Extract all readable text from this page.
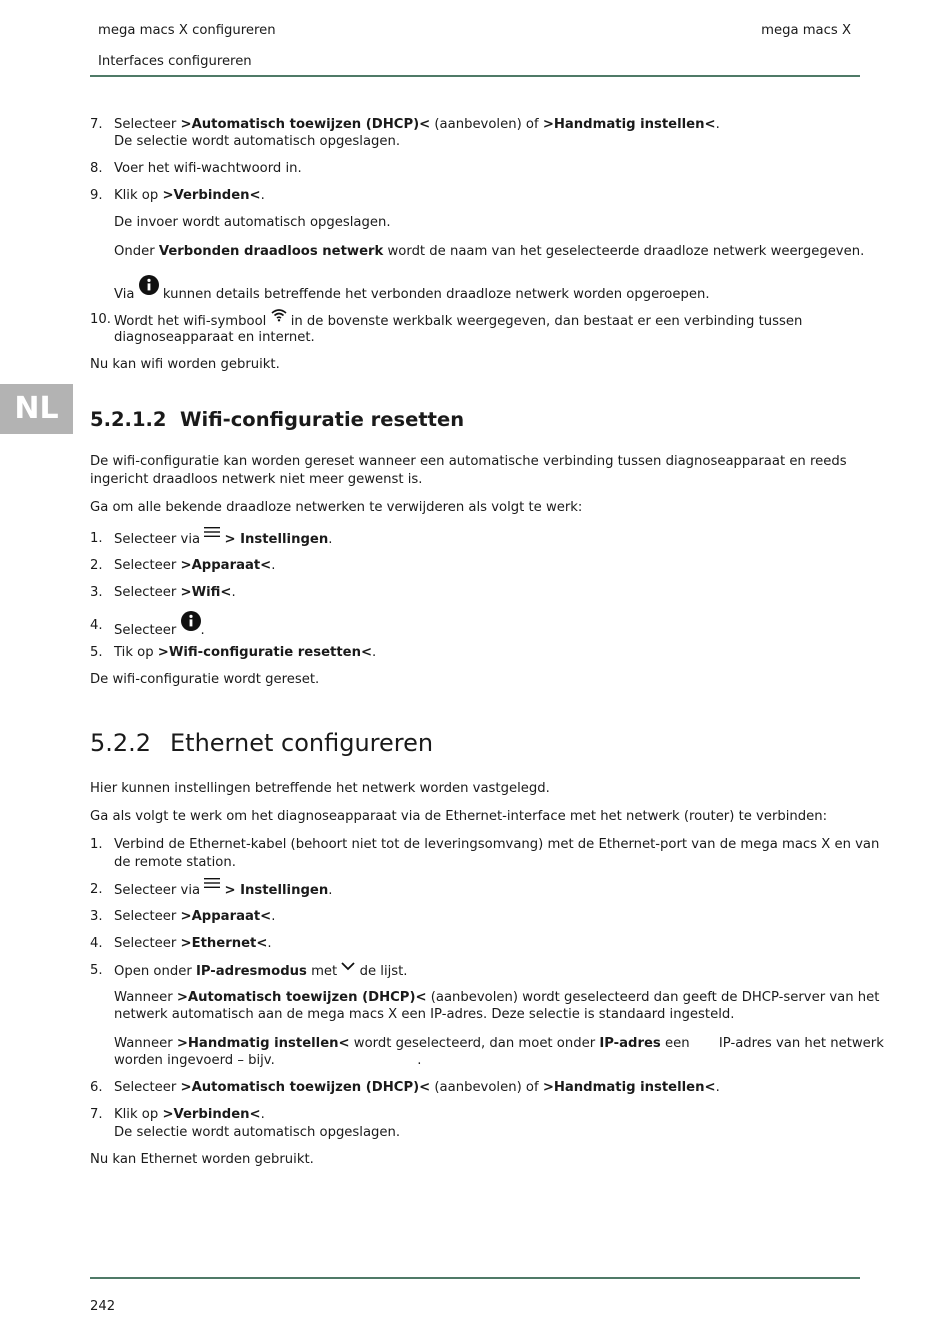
mega macs X configureren	mega macs X
Interfaces configureren
NL
7. Selecteer >Automatisch toewijzen (DHCP)< (aanbevolen) of >Handmatig instellen<.
De selectie wordt automatisch opgeslagen.
8. Voer het wifi-wachtwoord in.
9. Klik op >Verbinden<.
De invoer wordt automatisch opgeslagen.
Onder Verbonden draadloos netwerk wordt de naam van het geselecteerde draadloze netwerk weergegeven.
Via  kunnen details betreffende het verbonden draadloze netwerk worden opgeroepen.
10. Wordt het wifi-symbool  in de bovenste werkbalk weergegeven, dan bestaat er een verbinding tussen
diagnoseapparaat en internet.
Nu kan wifi worden gebruikt.
5.2.1.2 Wifi-configuratie resetten
De wifi-configuratie kan worden gereset wanneer een automatische verbinding tussen diagnoseapparaat en reeds
ingericht draadloos netwerk niet meer gewenst is.
Ga om alle bekende draadloze netwerken te verwijderen als volgt te werk:
1. Selecteer via  > Instellingen.
2. Selecteer >Apparaat<.
3. Selecteer >Wifi<.
4. Selecteer .
5. Tik op >Wifi-configuratie resetten<.
De wifi-configuratie wordt gereset.
5.2.2 Ethernet configureren
Hier kunnen instellingen betreffende het netwerk worden vastgelegd.
Ga als volgt te werk om het diagnoseapparaat via de Ethernet-interface met het netwerk (router) te verbinden:
1. Verbind de Ethernet-kabel (behoort niet tot de leveringsomvang) met de Ethernet-port van de mega macs X en van
de remote station.
2. Selecteer via  > Instellingen.
3. Selecteer >Apparaat<.
4. Selecteer >Ethernet<.
5. Open onder IP-adresmodus met  de lijst.
Wanneer >Automatisch toewijzen (DHCP)< (aanbevolen) wordt geselecteerd dan geeft de DHCP-server van het
netwerk automatisch aan de mega macs X een IP-adres. Deze selectie is standaard ingesteld.
Wanneer >Handmatig instellen< wordt geselecteerd, dan moet onder IP-adres een       IP-adres van het netwerk
worden ingevoerd – bijv.                                  .
6. Selecteer >Automatisch toewijzen (DHCP)< (aanbevolen) of >Handmatig instellen<.
7. Klik op >Verbinden<.
De selectie wordt automatisch opgeslagen.
Nu kan Ethernet worden gebruikt.
242
